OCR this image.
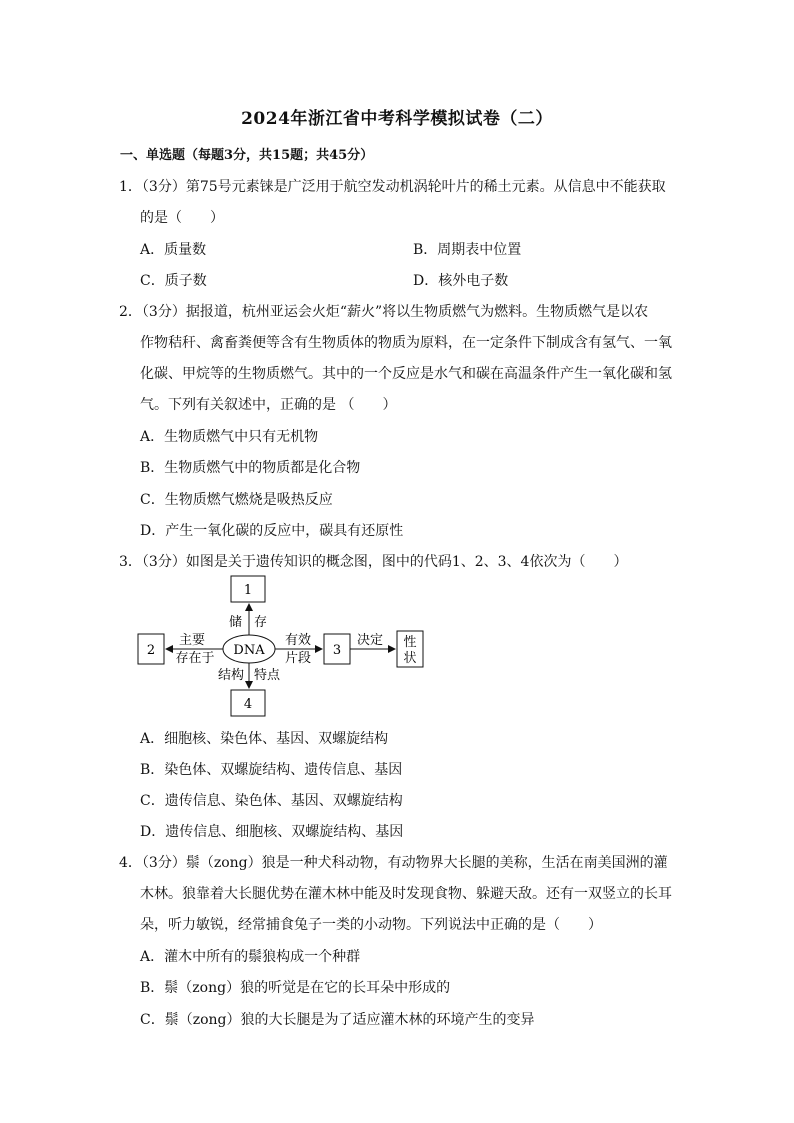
2024年浙江省中考科学模拟试卷（二）
一、单选题（每题3分，共15题；共45分）
1．（3分）第75号元素铼是广泛用于航空发动机涡轮叶片的稀土元素。从信息中不能获取
的是（　　）
A．质量数	B．周期表中位置
C．质子数	D．核外电子数
2．（3分）据报道，杭州亚运会火炬“薪火”将以生物质燃气为燃料。生物质燃气是以农
作物秸秆、禽畜粪便等含有生物质体的物质为原料，在一定条件下制成含有氢气、一氧
化碳、甲烷等的生物质燃气。其中的一个反应是水气和碳在高温条件产生一氧化碳和氢
气。下列有关叙述中，正确的是 （　　）
A．生物质燃气中只有无机物
B．生物质燃气中的物质都是化合物
C．生物质燃气燃烧是吸热反应
D．产生一氧化碳的反应中，碳具有还原性
3．（3分）如图是关于遗传知识的概念图，图中的代码1、2、3、4依次为（　　）
1
2	3
性
状
4
DNA
储 存
主要
存在于
有效
片段
决定
结构 特点
A．细胞核、染色体、基因、双螺旋结构
B．染色体、双螺旋结构、遗传信息、基因
C．遗传信息、染色体、基因、双螺旋结构
D．遗传信息、细胞核、双螺旋结构、基因
4．（3分）鬃（zong）狼是一种犬科动物，有动物界大长腿的美称，生活在南美国洲的灌
木林。狼靠着大长腿优势在灌木林中能及时发现食物、躲避天敌。还有一双竖立的长耳
朵，听力敏锐，经常捕食兔子一类的小动物。下列说法中正确的是（　　）
A．灌木中所有的鬃狼构成一个种群
B．鬃（zong）狼的听觉是在它的长耳朵中形成的
C．鬃（zong）狼的大长腿是为了适应灌木林的环境产生的变异
